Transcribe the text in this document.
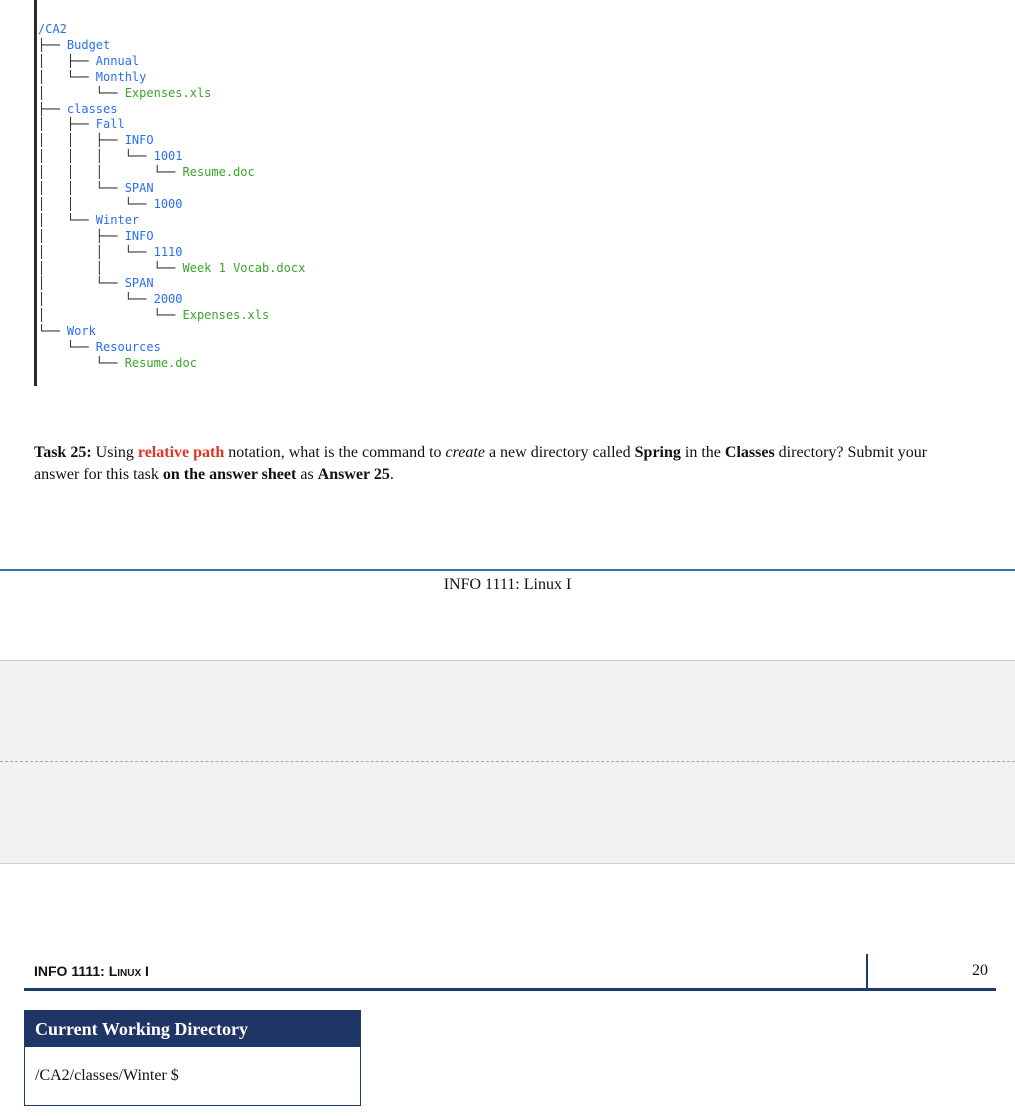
/CA2
├── Budget
│   ├── Annual
│   └── Monthly
│       └── Expenses.xls
├── classes
│   ├── Fall
│   │   ├── INFO
│   │   │   └── 1001
│   │   │       └── Resume.doc
│   │   └── SPAN
│   │       └── 1000
│   └── Winter
│       ├── INFO
│       │   └── 1110
│       │       └── Week 1 Vocab.docx
│       └── SPAN
│           └── 2000
│               └── Expenses.xls
└── Work
└── Resources
└── Resume.doc

Task 25: Using relative path notation, what is the command to create a new directory called Spring in the Classes directory? Submit your answer for this task on the answer sheet as Answer 25.

INFO 1111: Linux I
INFO 1111: Linux I	20
Current Working Directory
/CA2/classes/Winter $
